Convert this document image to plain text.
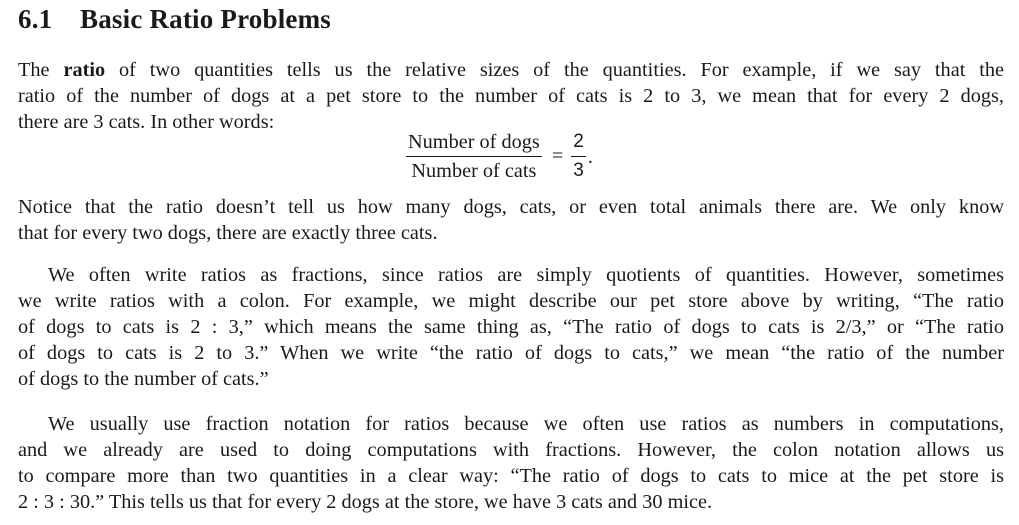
6.1 Basic Ratio Problems

The ratio of two quantities tells us the relative sizes of the quantities. For example, if we say that the
ratio of the number of dogs at a pet store to the number of cats is 2 to 3, we mean that for every 2 dogs,
there are 3 cats. In other words:

$\frac{\text{Number of dogs}}{\text{Number of cats}} = \frac{2}{3}$ .

Notice that the ratio doesn’t tell us how many dogs, cats, or even total animals there are. We only know
that for every two dogs, there are exactly three cats.

We often write ratios as fractions, since ratios are simply quotients of quantities. However, sometimes
we write ratios with a colon. For example, we might describe our pet store above by writing, “The ratio
of dogs to cats is 2 : 3,” which means the same thing as, “The ratio of dogs to cats is 2/3,” or “The ratio
of dogs to cats is 2 to 3.” When we write “the ratio of dogs to cats,” we mean “the ratio of the number
of dogs to the number of cats.”

We usually use fraction notation for ratios because we often use ratios as numbers in computations,
and we already are used to doing computations with fractions. However, the colon notation allows us
to compare more than two quantities in a clear way: “The ratio of dogs to cats to mice at the pet store is
2 : 3 : 30.” This tells us that for every 2 dogs at the store, we have 3 cats and 30 mice.
